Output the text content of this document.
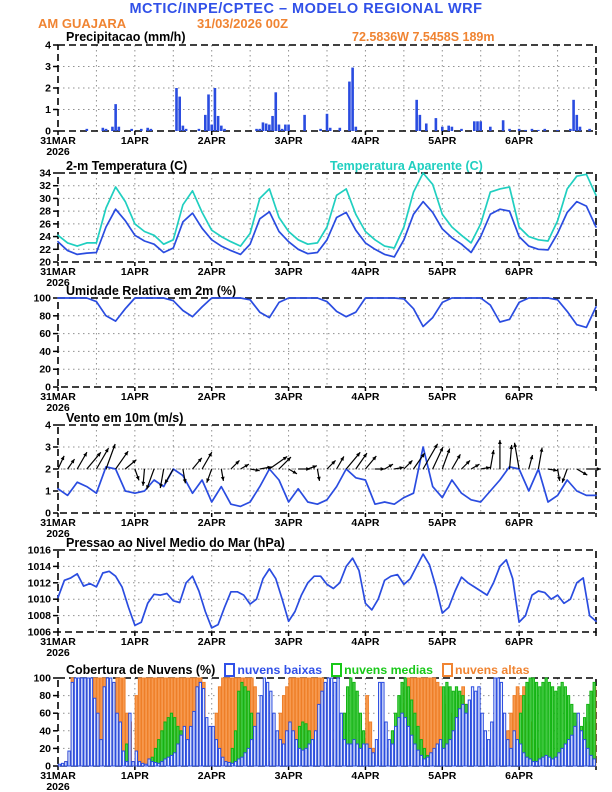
MCTIC/INPE/CPTEC – MODELO REGIONAL WRF
AM GUAJARA	31/03/2026 00Z
72.5836W 7.5458S 189m
Precipitacao (mm/h)
2-m Temperatura (C)	Temperatura Aparente (C)
Umidade Relativa em 2m (%)
Vento em 10m (m/s)
Pressao ao Nivel Medio do Mar (hPa)
Cobertura de Nuvens (%) nuvens baixas nuvens medias nuvens altas
0
1
2
3
4
31MAR	1APR	2APR	3APR	4APR	5APR	6APR
2026
20
22
24
26
28
30
32
34
31MAR	1APR	2APR	3APR	4APR	5APR	6APR
2026
0
20
40
60
80
100
31MAR	1APR	2APR	3APR	4APR	5APR	6APR
2026
0
1
2
3
4
31MAR	1APR	2APR	3APR	4APR	5APR	6APR
2026
1006
1008
1010
1012
1014
1016
31MAR	1APR	2APR	3APR	4APR	5APR	6APR
2026
0
20
40
60
80
100
31MAR	1APR	2APR	3APR	4APR	5APR	6APR
2026
